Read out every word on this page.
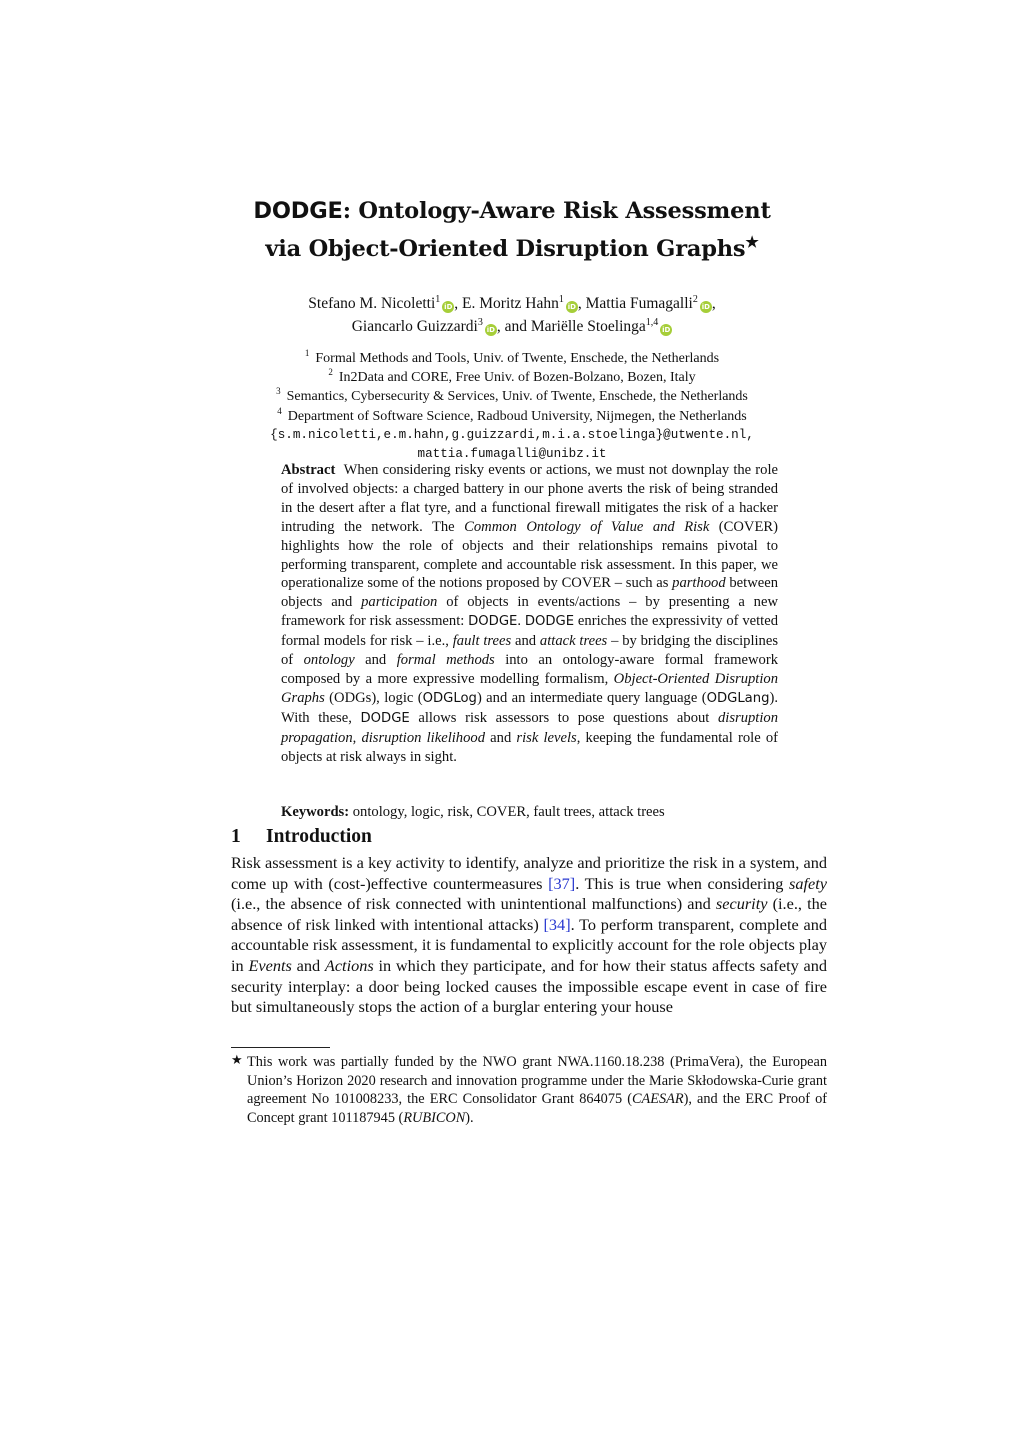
DODGE: Ontology-Aware Risk Assessment
via Object-Oriented Disruption Graphs★
Stefano M. Nicoletti$^1$iD , E. Moritz Hahn$^1$iD , Mattia Fumagalli$^2$iD ,
Giancarlo Guizzardi$^3$iD , and Mariëlle Stoelinga$^{1,4}$iD
$^1$ Formal Methods and Tools, Univ. of Twente, Enschede, the Netherlands
$^2$ In2Data and CORE, Free Univ. of Bozen-Bolzano, Bozen, Italy
$^3$ Semantics, Cybersecurity & Services, Univ. of Twente, Enschede, the Netherlands
$^4$ Department of Software Science, Radboud University, Nijmegen, the Netherlands
{s.m.nicoletti,e.m.hahn,g.guizzardi,m.i.a.stoelinga}@utwente.nl,
mattia.fumagalli@unibz.it
Abstract When considering risky events or actions, we must not downplay the role of involved objects: a charged battery in our phone averts the risk of being stranded in the desert after a flat tyre, and a functional firewall mitigates the risk of a hacker intruding the network. The Common Ontology of Value and Risk (COVER) highlights how the role of objects and their relationships remains pivotal to performing transparent, complete and accountable risk assessment. In this paper, we operationalize some of the notions proposed by COVER – such as parthood between objects and participation of objects in events/actions – by presenting a new framework for risk assessment: DODGE. DODGE enriches the expressivity of vetted formal models for risk – i.e., fault trees and attack trees – by bridging the disciplines of ontology and formal methods into an ontology-aware formal framework composed by a more expressive modelling formalism, Object-Oriented Disruption Graphs (ODGs), logic (ODGLog) and an intermediate query language (ODGLang). With these, DODGE allows risk assessors to pose questions about disruption propagation, disruption likelihood and risk levels, keeping the fundamental role of objects at risk always in sight.
Keywords: ontology, logic, risk, COVER, fault trees, attack trees
1 Introduction
Risk assessment is a key activity to identify, analyze and prioritize the risk in a system, and come up with (cost-)effective countermeasures [37]. This is true when considering safety (i.e., the absence of risk connected with unintentional malfunctions) and security (i.e., the absence of risk linked with intentional attacks) [34]. To perform transparent, complete and accountable risk assessment, it is fundamental to explicitly account for the role objects play in Events and Actions in which they participate, and for how their status affects safety and security interplay: a door being locked causes the impossible escape event in case of fire but simultaneously stops the action of a burglar entering your house
★ This work was partially funded by the NWO grant NWA.1160.18.238 (PrimaVera), the European Union’s Horizon 2020 research and innovation programme under the Marie Skłodowska-Curie grant agreement No 101008233, the ERC Consolidator Grant 864075 (CAESAR), and the ERC Proof of Concept grant 101187945 (RUBICON).
